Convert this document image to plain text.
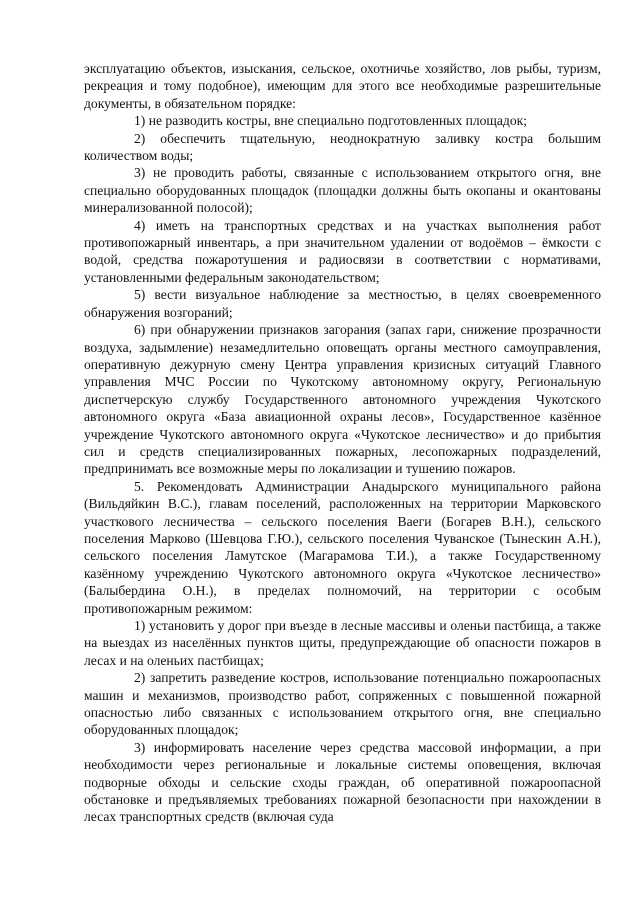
эксплуатацию объектов, изыскания, сельское, охотничье хозяйство, лов рыбы, туризм, рекреация и тому подобное), имеющим для этого все необходимые разрешительные документы, в обязательном порядке:

1) не разводить костры, вне специально подготовленных площадок;

2) обеспечить тщательную, неоднократную заливку костра большим количеством воды;

3) не проводить работы, связанные с использованием открытого огня, вне специально оборудованных площадок (площадки должны быть окопаны и окантованы минерализованной полосой);

4) иметь на транспортных средствах и на участках выполнения работ противопожарный инвентарь, а при значительном удалении от водоёмов – ёмкости с водой, средства пожаротушения и радиосвязи в соответствии с нормативами, установленными федеральным законодательством;

5) вести визуальное наблюдение за местностью, в целях своевременного обнаружения возгораний;

6) при обнаружении признаков загорания (запах гари, снижение прозрачности воздуха, задымление) незамедлительно оповещать органы местного самоуправления, оперативную дежурную смену Центра управления кризисных ситуаций Главного управления МЧС России по Чукотскому автономному округу, Региональную диспетчерскую службу Государственного автономного учреждения Чукотского автономного округа «База авиационной охраны лесов», Государственное казённое учреждение Чукотского автономного округа «Чукотское лесничество» и до прибытия сил и средств специализированных пожарных, лесопожарных подразделений, предпринимать все возможные меры по локализации и тушению пожаров.

5. Рекомендовать Администрации Анадырского муниципального района (Вильдяйкин В.С.), главам поселений, расположенных на территории Марковского участкового лесничества – сельского поселения Ваеги (Богарев В.Н.), сельского поселения Марково (Шевцова Г.Ю.), сельского поселения Чуванское (Тынескин А.Н.), сельского поселения Ламутское (Магарамова Т.И.), а также Государственному казённому учреждению Чукотского автономного округа «Чукотское лесничество» (Балыбердина О.Н.), в пределах полномочий, на территории с особым противопожарным режимом:

1) установить у дорог при въезде в лесные массивы и оленьи пастбища, а также на выездах из населённых пунктов щиты, предупреждающие об опасности пожаров в лесах и на оленьих пастбищах;

2) запретить разведение костров, использование потенциально пожароопасных машин и механизмов, производство работ, сопряженных с повышенной пожарной опасностью либо связанных с использованием открытого огня, вне специально оборудованных площадок;

3) информировать население через средства массовой информации, а при необходимости через региональные и локальные системы оповещения, включая подворные обходы и сельские сходы граждан, об оперативной пожароопасной обстановке и предъявляемых требованиях пожарной безопасности при нахождении в лесах транспортных средств (включая суда
